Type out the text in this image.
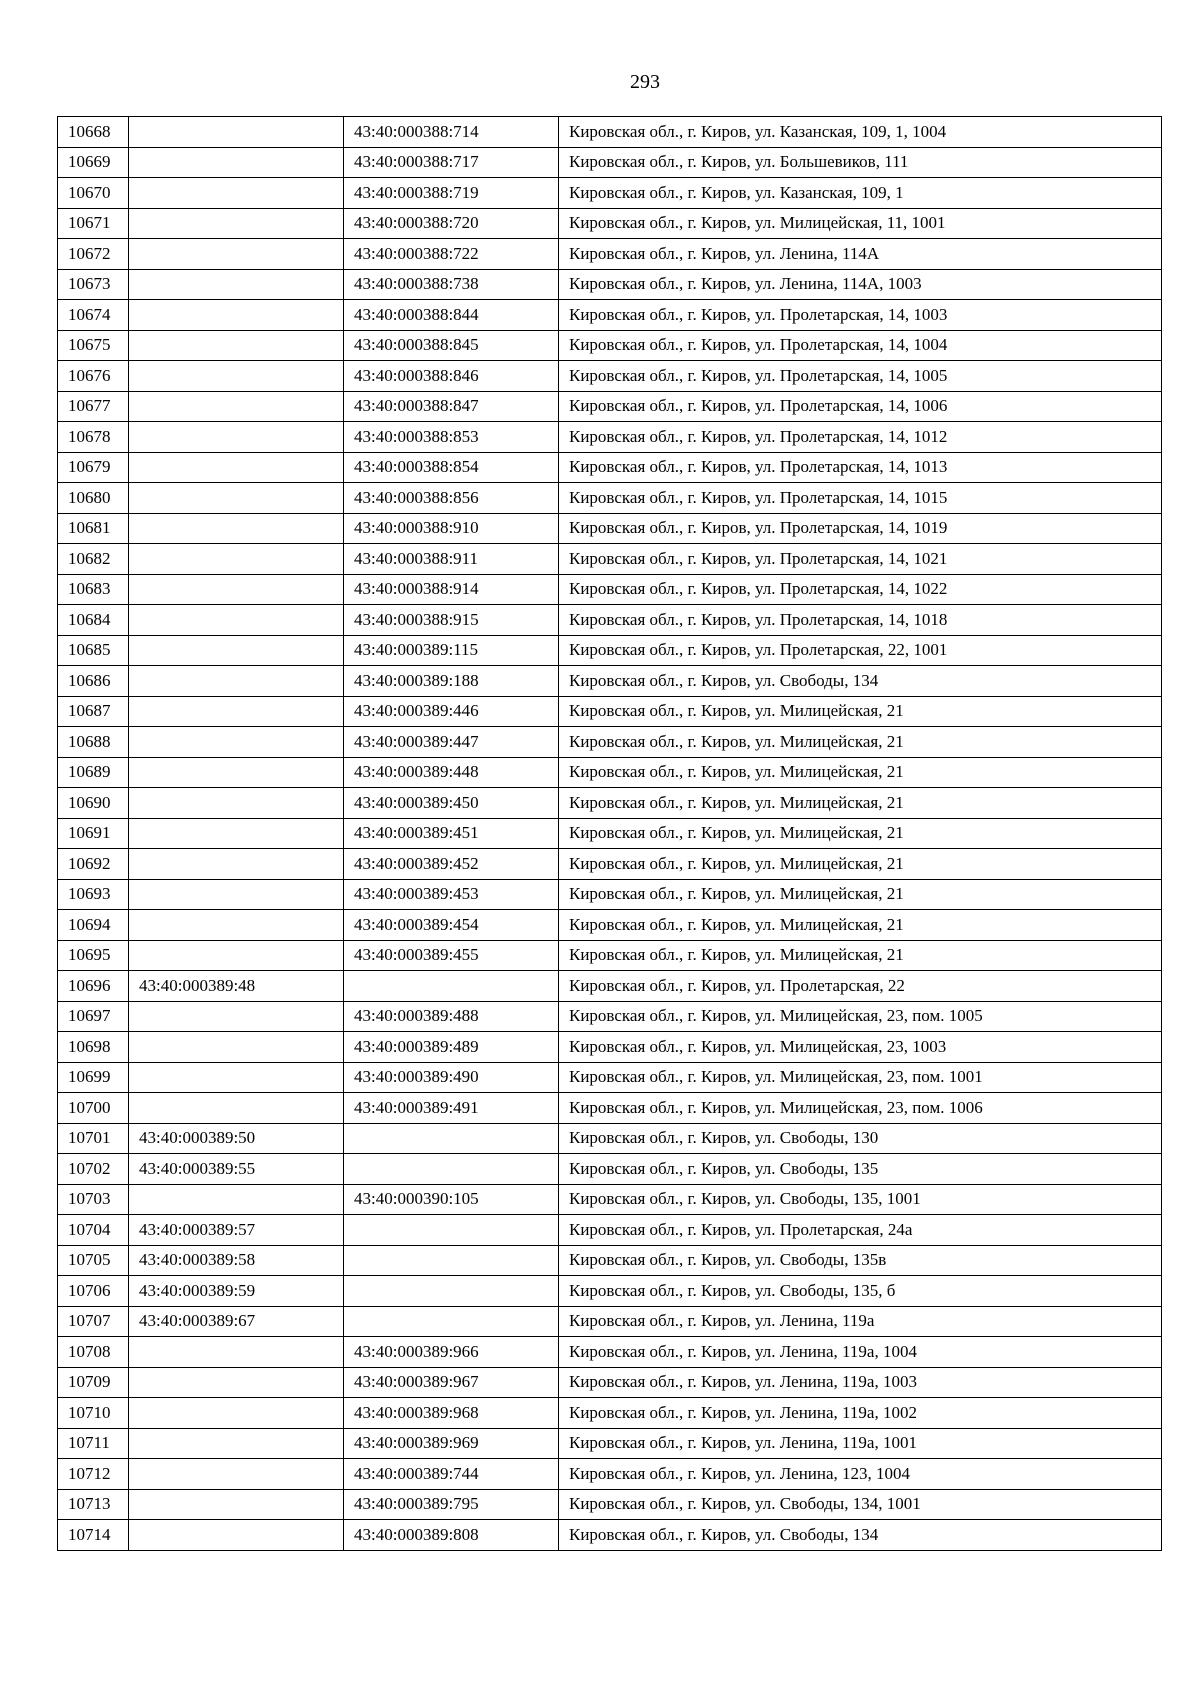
293
10668		43:40:000388:714	Кировская обл., г. Киров, ул. Казанская, 109, 1, 1004
10669		43:40:000388:717	Кировская обл., г. Киров, ул. Большевиков, 111
10670		43:40:000388:719	Кировская обл., г. Киров, ул. Казанская, 109, 1
10671		43:40:000388:720	Кировская обл., г. Киров, ул. Милицейская, 11, 1001
10672		43:40:000388:722	Кировская обл., г. Киров, ул. Ленина, 114А
10673		43:40:000388:738	Кировская обл., г. Киров, ул. Ленина, 114А, 1003
10674		43:40:000388:844	Кировская обл., г. Киров, ул. Пролетарская, 14, 1003
10675		43:40:000388:845	Кировская обл., г. Киров, ул. Пролетарская, 14, 1004
10676		43:40:000388:846	Кировская обл., г. Киров, ул. Пролетарская, 14, 1005
10677		43:40:000388:847	Кировская обл., г. Киров, ул. Пролетарская, 14, 1006
10678		43:40:000388:853	Кировская обл., г. Киров, ул. Пролетарская, 14, 1012
10679		43:40:000388:854	Кировская обл., г. Киров, ул. Пролетарская, 14, 1013
10680		43:40:000388:856	Кировская обл., г. Киров, ул. Пролетарская, 14, 1015
10681		43:40:000388:910	Кировская обл., г. Киров, ул. Пролетарская, 14, 1019
10682		43:40:000388:911	Кировская обл., г. Киров, ул. Пролетарская, 14, 1021
10683		43:40:000388:914	Кировская обл., г. Киров, ул. Пролетарская, 14, 1022
10684		43:40:000388:915	Кировская обл., г. Киров, ул. Пролетарская, 14, 1018
10685		43:40:000389:115	Кировская обл., г. Киров, ул. Пролетарская, 22, 1001
10686		43:40:000389:188	Кировская обл., г. Киров, ул. Свободы, 134
10687		43:40:000389:446	Кировская обл., г. Киров, ул. Милицейская, 21
10688		43:40:000389:447	Кировская обл., г. Киров, ул. Милицейская, 21
10689		43:40:000389:448	Кировская обл., г. Киров, ул. Милицейская, 21
10690		43:40:000389:450	Кировская обл., г. Киров, ул. Милицейская, 21
10691		43:40:000389:451	Кировская обл., г. Киров, ул. Милицейская, 21
10692		43:40:000389:452	Кировская обл., г. Киров, ул. Милицейская, 21
10693		43:40:000389:453	Кировская обл., г. Киров, ул. Милицейская, 21
10694		43:40:000389:454	Кировская обл., г. Киров, ул. Милицейская, 21
10695		43:40:000389:455	Кировская обл., г. Киров, ул. Милицейская, 21
10696	43:40:000389:48		Кировская обл., г. Киров, ул. Пролетарская, 22
10697		43:40:000389:488	Кировская обл., г. Киров, ул. Милицейская, 23, пом. 1005
10698		43:40:000389:489	Кировская обл., г. Киров, ул. Милицейская, 23, 1003
10699		43:40:000389:490	Кировская обл., г. Киров, ул. Милицейская, 23, пом. 1001
10700		43:40:000389:491	Кировская обл., г. Киров, ул. Милицейская, 23, пом. 1006
10701	43:40:000389:50		Кировская обл., г. Киров, ул. Свободы, 130
10702	43:40:000389:55		Кировская обл., г. Киров, ул. Свободы, 135
10703		43:40:000390:105	Кировская обл., г. Киров, ул. Свободы, 135, 1001
10704	43:40:000389:57		Кировская обл., г. Киров, ул. Пролетарская, 24а
10705	43:40:000389:58		Кировская обл., г. Киров, ул. Свободы, 135в
10706	43:40:000389:59		Кировская обл., г. Киров, ул. Свободы, 135, б
10707	43:40:000389:67		Кировская обл., г. Киров, ул. Ленина, 119а
10708		43:40:000389:966	Кировская обл., г. Киров, ул. Ленина, 119а, 1004
10709		43:40:000389:967	Кировская обл., г. Киров, ул. Ленина, 119а, 1003
10710		43:40:000389:968	Кировская обл., г. Киров, ул. Ленина, 119а, 1002
10711		43:40:000389:969	Кировская обл., г. Киров, ул. Ленина, 119а, 1001
10712		43:40:000389:744	Кировская обл., г. Киров, ул. Ленина, 123, 1004
10713		43:40:000389:795	Кировская обл., г. Киров, ул. Свободы, 134, 1001
10714		43:40:000389:808	Кировская обл., г. Киров, ул. Свободы, 134
